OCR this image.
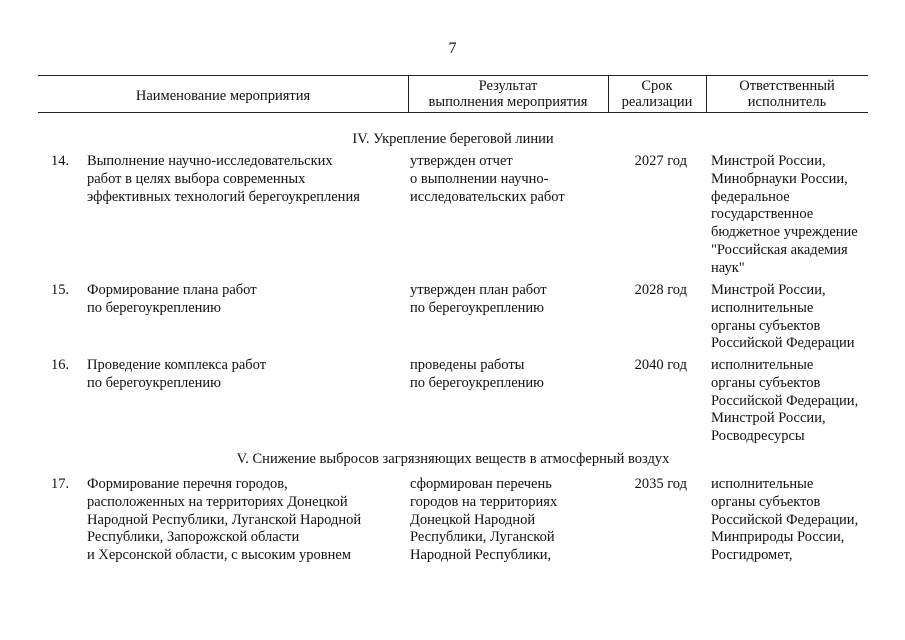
7
Наименование мероприятия
Результат
выполнения мероприятия
Срок
реализации
Ответственный
исполнитель
IV. Укрепление береговой линии
14. Выполнение научно-исследовательских
работ в целях выбора современных
эффективных технологий берегоукрепления
утвержден отчет
о выполнении научно-
исследовательских работ
2027 год Минстрой России,
Минобрнауки России,
федеральное
государственное
бюджетное учреждение
"Российская академия
наук"
15. Формирование плана работ
по берегоукреплению
утвержден план работ
по берегоукреплению
2028 год Минстрой России,
исполнительные
органы субъектов
Российской Федерации
16. Проведение комплекса работ
по берегоукреплению
проведены работы
по берегоукреплению
2040 год исполнительные
органы субъектов
Российской Федерации,
Минстрой России,
Росводресурсы
V. Снижение выбросов загрязняющих веществ в атмосферный воздух
17. Формирование перечня городов,
расположенных на территориях Донецкой
Народной Республики, Луганской Народной
Республики, Запорожской области
и Херсонской области, с высоким уровнем
сформирован перечень
городов на территориях
Донецкой Народной
Республики, Луганской
Народной Республики,
2035 год исполнительные
органы субъектов
Российской Федерации,
Минприроды России,
Росгидромет,
